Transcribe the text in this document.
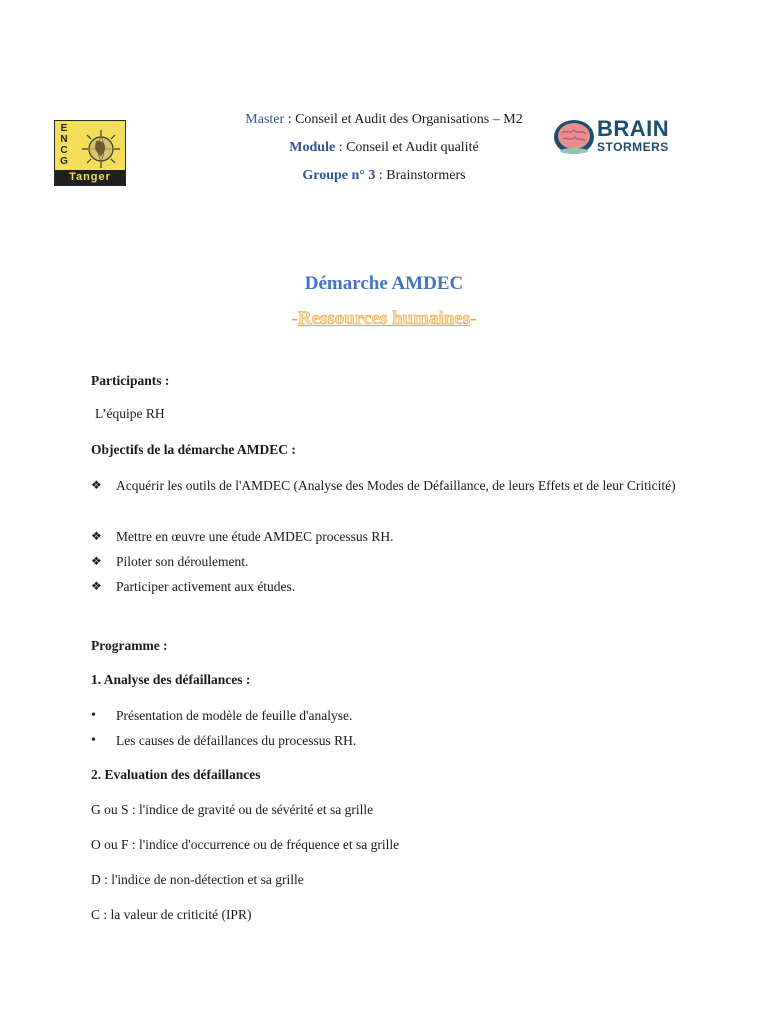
E
N
C
G
Tanger
BRAIN
STORMERS
Master : Conseil et Audit des Organisations – M2
Module : Conseil et Audit qualité
Groupe n° 3 : Brainstormers
Démarche AMDEC
-Ressources humaines-
Participants :
L’équipe RH
Objectifs de la démarche AMDEC :
❖	Acquérir les outils de l'AMDEC (Analyse des Modes de Défaillance, de leurs Effets et de leur Criticité)
❖	Mettre en œuvre une étude AMDEC processus RH.
❖	Piloter son déroulement.
❖	Participer activement aux études.
Programme :
1. Analyse des défaillances :
•	Présentation de modèle de feuille d'analyse.
•	Les causes de défaillances du processus RH.
2. Evaluation des défaillances
G ou S : l'indice de gravité ou de sévérité et sa grille
O ou F : l'indice d'occurrence ou de fréquence et sa grille
D : l'indice de non-détection et sa grille
C : la valeur de criticité (IPR)
